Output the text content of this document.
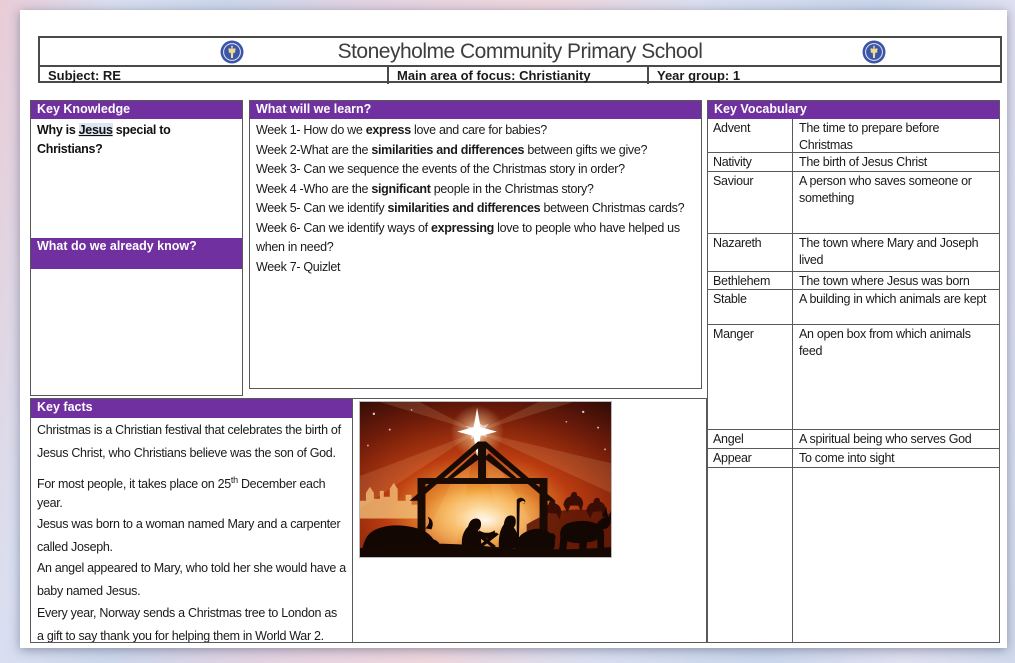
Stoneyholme Community Primary School
Subject: RE	Main area of focus: Christianity	Year group: 1
Key Knowledge
Why is Jesus special to Christians?
What do we already know?
What will we learn?
Week 1- How do we express love and care for babies?
Week 2-What are the similarities and differences between gifts we give?
Week 3- Can we sequence the events of the Christmas story in order?
Week 4 -Who are the significant people in the Christmas story?
Week 5- Can we identify similarities and differences between Christmas cards?
Week 6- Can we identify ways of expressing love to people who have helped us when in need?
Week 7- Quizlet
Key facts
Christmas is a Christian festival that celebrates the birth of Jesus Christ, who Christians believe was the son of God.
For most people, it takes place on 25th December each year.
Jesus was born to a woman named Mary and a carpenter called Joseph.
An angel appeared to Mary, who told her she would have a baby named Jesus.
Every year, Norway sends a Christmas tree to London as a gift to say thank you for helping them in World War 2.
Key Vocabulary
Advent	The time to prepare before Christmas
Nativity	The birth of Jesus Christ
Saviour	A person who saves someone or something
Nazareth	The town where Mary and Joseph lived
Bethlehem	The town where Jesus was born
Stable	A building in which animals are kept
Manger	An open box from which animals feed
Angel	A spiritual being who serves God
Appear	To come into sight
